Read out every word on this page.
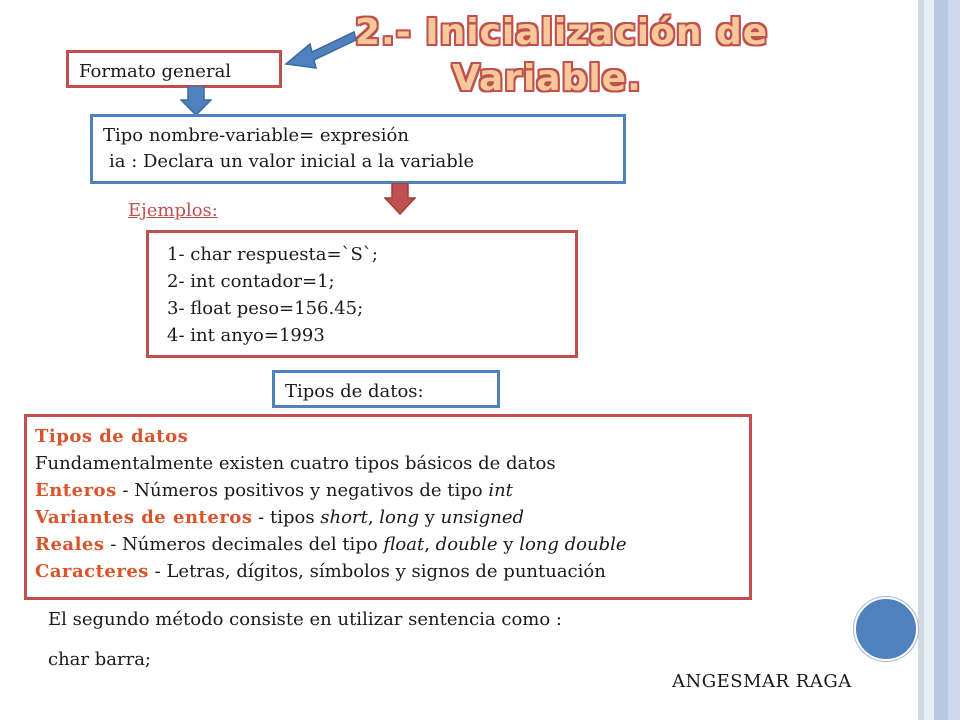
2.- Inicialización de
Variable.
Formato general
Tipo nombre-variable= expresión
ia : Declara un valor inicial a la variable
Ejemplos:
1- char respuesta=`S`;
2- int contador=1;
3- float peso=156.45;
4- int anyo=1993
Tipos de datos:
Tipos de datos
Fundamentalmente existen cuatro tipos básicos de datos
Enteros - Números positivos y negativos de tipo int
Variantes de enteros - tipos short, long y unsigned
Reales - Números decimales del tipo float, double y long double
Caracteres - Letras, dígitos, símbolos y signos de puntuación
El segundo método consiste en utilizar sentencia como :
char barra;
ANGESMAR RAGA
